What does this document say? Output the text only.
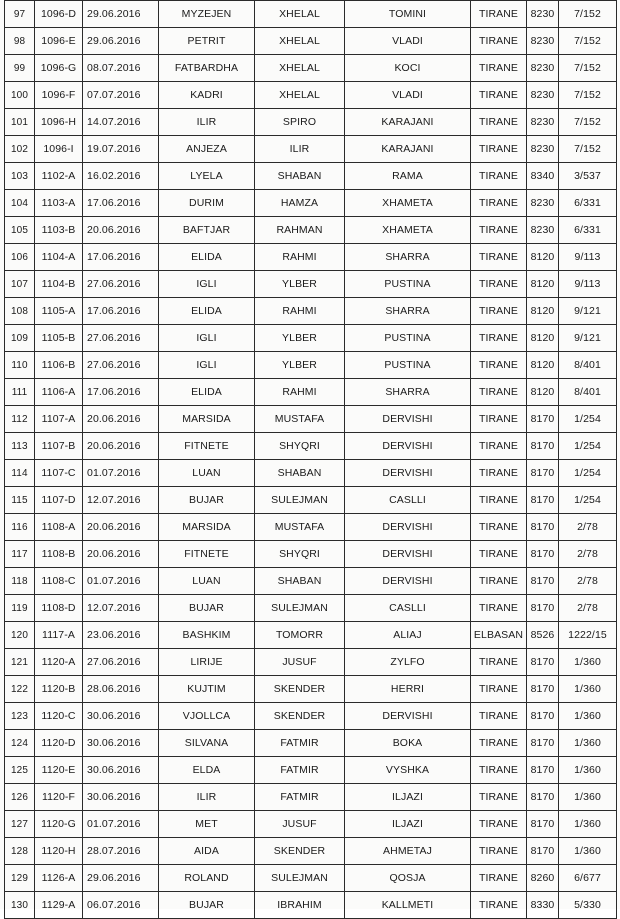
97	1096-D	29.06.2016	MYZEJEN	XHELAL	TOMINI	TIRANE	8230	7/152
98	1096-E	29.06.2016	PETRIT	XHELAL	VLADI	TIRANE	8230	7/152
99	1096-G	08.07.2016	FATBARDHA	XHELAL	KOCI	TIRANE	8230	7/152
100	1096-F	07.07.2016	KADRI	XHELAL	VLADI	TIRANE	8230	7/152
101	1096-H	14.07.2016	ILIR	SPIRO	KARAJANI	TIRANE	8230	7/152
102	1096-I	19.07.2016	ANJEZA	ILIR	KARAJANI	TIRANE	8230	7/152
103	1102-A	16.02.2016	LYELA	SHABAN	RAMA	TIRANE	8340	3/537
104	1103-A	17.06.2016	DURIM	HAMZA	XHAMETA	TIRANE	8230	6/331
105	1103-B	20.06.2016	BAFTJAR	RAHMAN	XHAMETA	TIRANE	8230	6/331
106	1104-A	17.06.2016	ELIDA	RAHMI	SHARRA	TIRANE	8120	9/113
107	1104-B	27.06.2016	IGLI	YLBER	PUSTINA	TIRANE	8120	9/113
108	1105-A	17.06.2016	ELIDA	RAHMI	SHARRA	TIRANE	8120	9/121
109	1105-B	27.06.2016	IGLI	YLBER	PUSTINA	TIRANE	8120	9/121
110	1106-B	27.06.2016	IGLI	YLBER	PUSTINA	TIRANE	8120	8/401
111	1106-A	17.06.2016	ELIDA	RAHMI	SHARRA	TIRANE	8120	8/401
112	1107-A	20.06.2016	MARSIDA	MUSTAFA	DERVISHI	TIRANE	8170	1/254
113	1107-B	20.06.2016	FITNETE	SHYQRI	DERVISHI	TIRANE	8170	1/254
114	1107-C	01.07.2016	LUAN	SHABAN	DERVISHI	TIRANE	8170	1/254
115	1107-D	12.07.2016	BUJAR	SULEJMAN	CASLLI	TIRANE	8170	1/254
116	1108-A	20.06.2016	MARSIDA	MUSTAFA	DERVISHI	TIRANE	8170	2/78
117	1108-B	20.06.2016	FITNETE	SHYQRI	DERVISHI	TIRANE	8170	2/78
118	1108-C	01.07.2016	LUAN	SHABAN	DERVISHI	TIRANE	8170	2/78
119	1108-D	12.07.2016	BUJAR	SULEJMAN	CASLLI	TIRANE	8170	2/78
120	1117-A	23.06.2016	BASHKIM	TOMORR	ALIAJ	ELBASAN	8526	1222/15
121	1120-A	27.06.2016	LIRIJE	JUSUF	ZYLFO	TIRANE	8170	1/360
122	1120-B	28.06.2016	KUJTIM	SKENDER	HERRI	TIRANE	8170	1/360
123	1120-C	30.06.2016	VJOLLCA	SKENDER	DERVISHI	TIRANE	8170	1/360
124	1120-D	30.06.2016	SILVANA	FATMIR	BOKA	TIRANE	8170	1/360
125	1120-E	30.06.2016	ELDA	FATMIR	VYSHKA	TIRANE	8170	1/360
126	1120-F	30.06.2016	ILIR	FATMIR	ILJAZI	TIRANE	8170	1/360
127	1120-G	01.07.2016	MET	JUSUF	ILJAZI	TIRANE	8170	1/360
128	1120-H	28.07.2016	AIDA	SKENDER	AHMETAJ	TIRANE	8170	1/360
129	1126-A	29.06.2016	ROLAND	SULEJMAN	QOSJA	TIRANE	8260	6/677
130	1129-A	06.07.2016	BUJAR	IBRAHIM	KALLMETI	TIRANE	8330	5/330
